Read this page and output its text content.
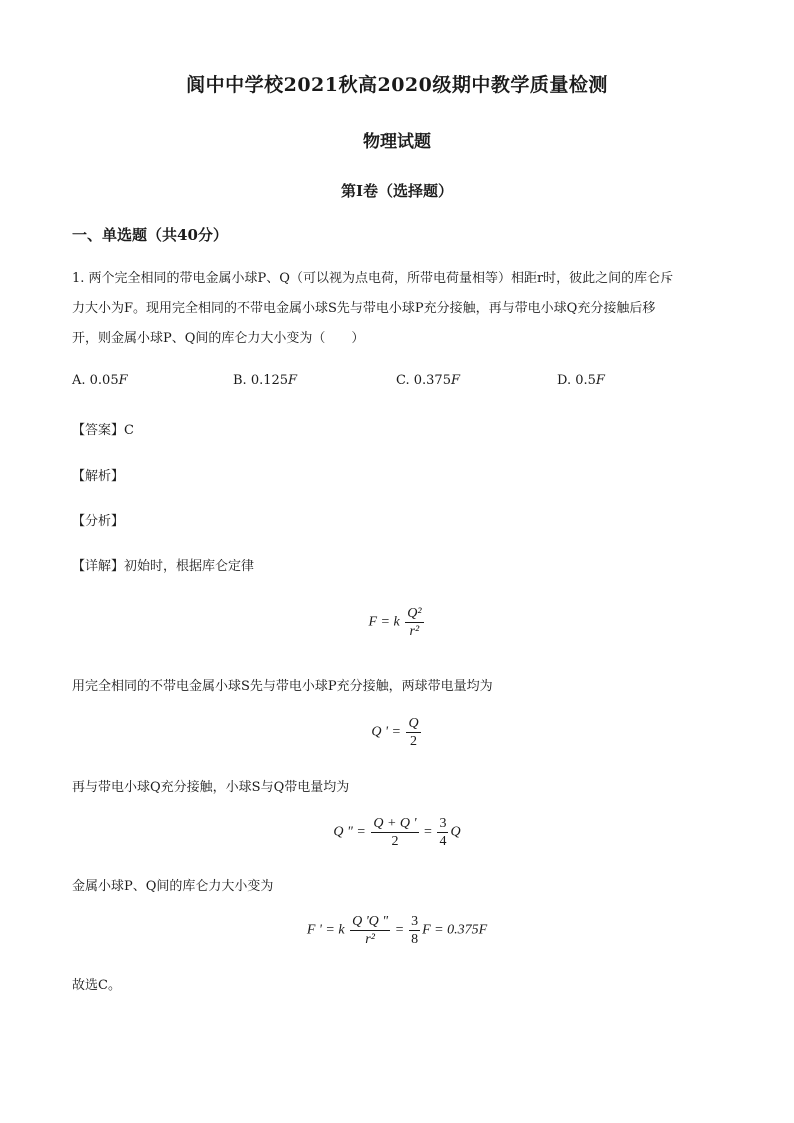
阆中中学校2021秋高2020级期中教学质量检测
物理试题
第Ⅰ卷（选择题）
一、单选题（共40分）
1. 两个完全相同的带电金属小球P、Q（可以视为点电荷，所带电荷量相等）相距r时，彼此之间的库仑斥
力大小为F。现用完全相同的不带电金属小球S先与带电小球P充分接触，再与带电小球Q充分接触后移
开，则金属小球P、Q间的库仑力大小变为（　　）
A. 0.05F	B. 0.125F	C. 0.375F	D. 0.5F
【答案】C
【解析】
【分析】
【详解】初始时，根据库仑定律
F = k $\frac{\text{Q²}}{\text{r²}}$
用完全相同的不带电金属小球S先与带电小球P充分接触，两球带电量均为
Q ' = $\frac{Q}{2}$
再与带电小球Q充分接触，小球S与Q带电量均为
Q " = $\frac{Q + Q '}{2} = \frac{3}{4}$ Q
金属小球P、Q间的库仑力大小变为
F ' = k $\frac{Q 'Q "}{\text{r²}} = \frac{3}{8}$ F = 0.375F
故选C。
